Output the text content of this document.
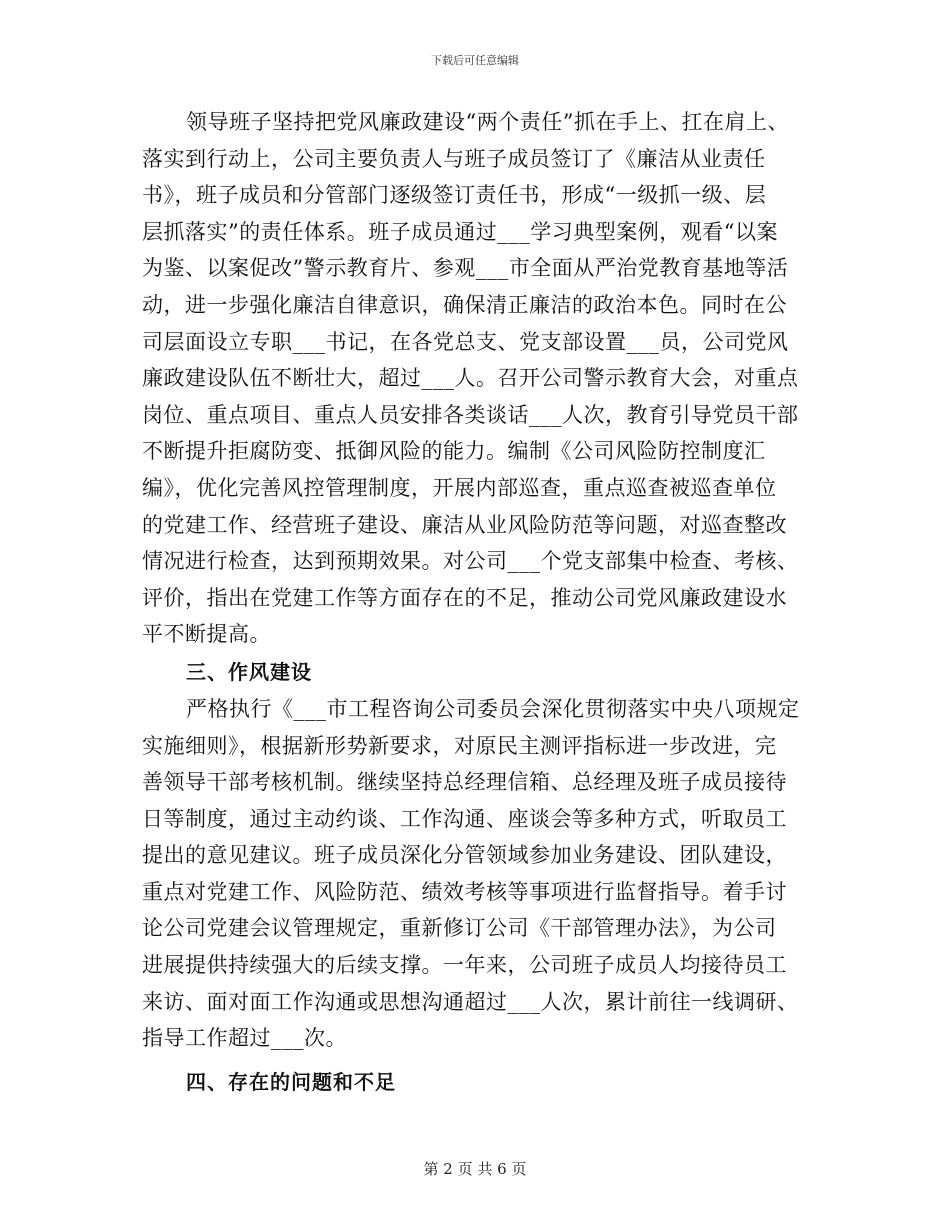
下载后可任意编辑
领导班子坚持把党风廉政建设“两个责任”抓在手上、扛在肩上、
落实到行动上，公司主要负责人与班子成员签订了《廉洁从业责任
书》，班子成员和分管部门逐级签订责任书，形成“一级抓一级、层
层抓落实”的责任体系。班子成员通过___学习典型案例，观看“以案
为鉴、以案促改”警示教育片、参观___市全面从严治党教育基地等活
动，进一步强化廉洁自律意识，确保清正廉洁的政治本色。同时在公
司层面设立专职___书记，在各党总支、党支部设置___员，公司党风
廉政建设队伍不断壮大，超过___人。召开公司警示教育大会，对重点
岗位、重点项目、重点人员安排各类谈话___人次，教育引导党员干部
不断提升拒腐防变、抵御风险的能力。编制《公司风险防控制度汇
编》，优化完善风控管理制度，开展内部巡查，重点巡查被巡查单位
的党建工作、经营班子建设、廉洁从业风险防范等问题，对巡查整改
情况进行检查，达到预期效果。对公司___个党支部集中检查、考核、
评价，指出在党建工作等方面存在的不足，推动公司党风廉政建设水
平不断提高。
三、作风建设
严格执行《___市工程咨询公司委员会深化贯彻落实中央八项规定
实施细则》，根据新形势新要求，对原民主测评指标进一步改进，完
善领导干部考核机制。继续坚持总经理信箱、总经理及班子成员接待
日等制度，通过主动约谈、工作沟通、座谈会等多种方式，听取员工
提出的意见建议。班子成员深化分管领域参加业务建设、团队建设，
重点对党建工作、风险防范、绩效考核等事项进行监督指导。着手讨
论公司党建会议管理规定，重新修订公司《干部管理办法》，为公司
进展提供持续强大的后续支撑。一年来，公司班子成员人均接待员工
来访、面对面工作沟通或思想沟通超过___人次，累计前往一线调研、
指导工作超过___次。
四、存在的问题和不足
第 2 页 共 6 页
